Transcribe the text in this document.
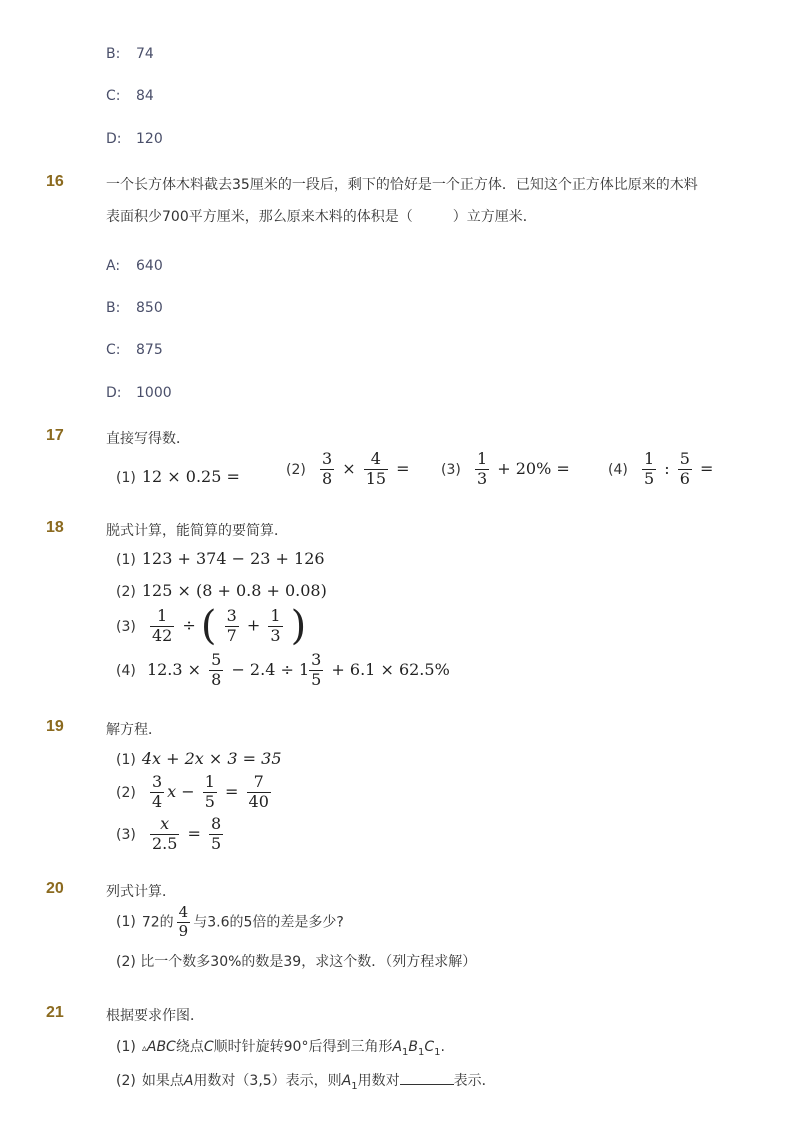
B: 74
C: 84
D: 120
16	一个长方体木料截去35厘米的一段后，剩下的恰好是一个正方体．已知这个正方体比原来的木料
表面积少700平方厘米，那么原来木料的体积是（	）立方厘米．
A: 640
B: 850
C: 875
D: 1000
17	直接写得数．
(1) 12 × 0.25 =	$(2) \frac{3}{8} \times \frac{4}{15} = (3) \frac{1}{3} + 20\%$ =	$(4) \frac{1}{5}$ : $\frac{5}{6}$ =
18	脱式计算，能简算的要简算．
(1) 123 + 374 − 23 + 126
(2) 125 × (8 + 0.8 + 0.08)
$(3) \frac{1}{42}$ ÷ ( $\frac{3}{7} + \frac{1}{3}$ )
(4) $12.3 \times \frac{5}{8} - 2.4 \div 1 \frac{3}{5} + 6.1 \times 62.5\%$
19	解方程．
(1) 4x + 2x × 3 = 35
$(2) \frac{3}{4}$ $x - \frac{1}{5} = \frac{7}{40}$
$(3) \frac{x}{2.5} = \frac{8}{5}$
20	列式计算．
(1) 72的 $\frac{4}{9}$ 与3.6的5倍的差是多少?
(2) 比一个数多30%的数是39，求这个数．（列方程求解）
21	根据要求作图．
(1) ▵ABC绕点C顺时针旋转90°后得到三角形$A_1B_1C_1$.
(2) 如果点A用数对（3,5）表示，则$A_1$用数对	表示．
